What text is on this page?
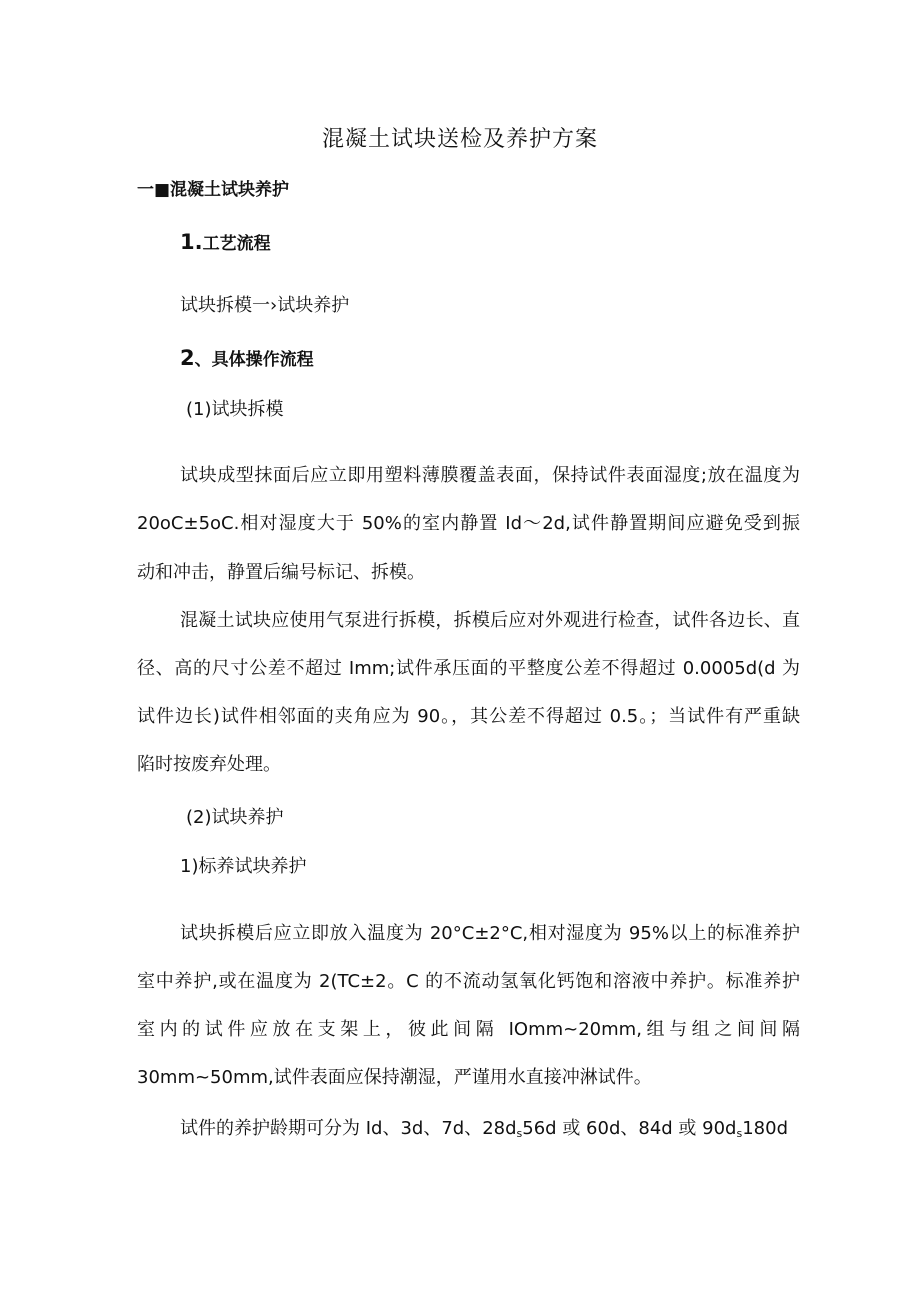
混凝土试块送检及养护方案
一■混凝土试块养护
1.工艺流程
试块拆模一›试块养护
2、具体操作流程
(1)试块拆模
试块成型抹面后应立即用塑料薄膜覆盖表面，保持试件表面湿度;放在温度为
20oC±5oC.相对湿度大于 50%的室内静置 Id～2d,试件静置期间应避免受到振
动和冲击，静置后编号标记、拆模。
混凝土试块应使用气泵进行拆模，拆模后应对外观进行检查，试件各边长、直
径、高的尺寸公差不超过 Imm;试件承压面的平整度公差不得超过 0.0005d(d 为
试件边长)试件相邻面的夹角应为 90。，其公差不得超过 0.5。；当试件有严重缺
陷时按废弃处理。
(2)试块养护
1)标养试块养护
试块拆模后应立即放入温度为 20°C±2°C,相对湿度为 95%以上的标准养护
室中养护,或在温度为 2(TC±2。C 的不流动氢氧化钙饱和溶液中养护。标准养护
室内的试件应放在支架上，彼此间隔 IOmm~20mm,组与组之间间隔
30mm~50mm,试件表面应保持潮湿，严谨用水直接冲淋试件。
试件的养护龄期可分为 Id、3d、7d、$28d_s56d$ 或 60d、84d 或 $90d_s180d$
